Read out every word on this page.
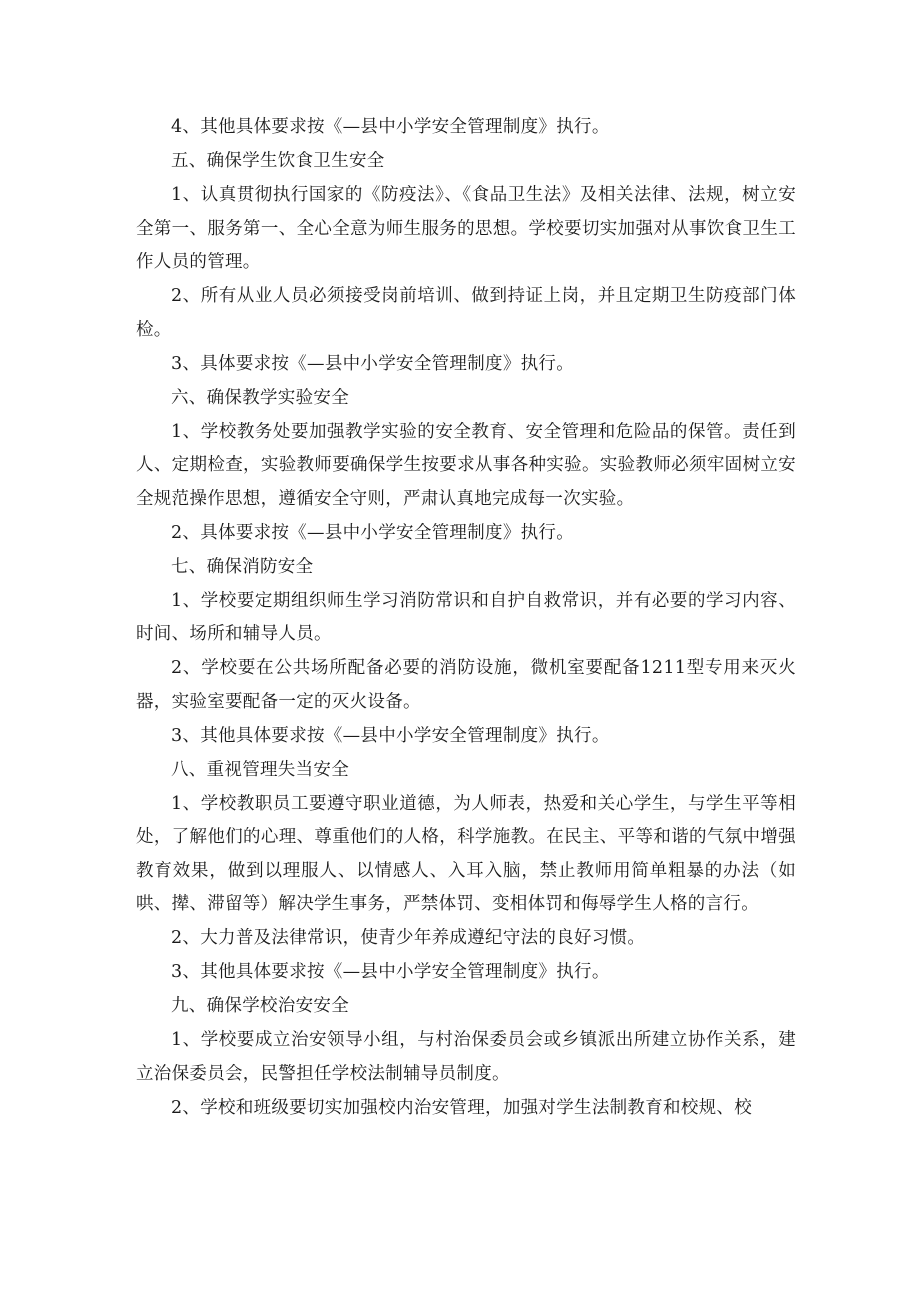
4、其他具体要求按《—县中小学安全管理制度》执行。

五、确保学生饮食卫生安全

1、认真贯彻执行国家的《防疫法》、《食品卫生法》及相关法律、法规，树立安全第一、服务第一、全心全意为师生服务的思想。学校要切实加强对从事饮食卫生工作人员的管理。

2、所有从业人员必须接受岗前培训、做到持证上岗，并且定期卫生防疫部门体检。

3、具体要求按《—县中小学安全管理制度》执行。

六、确保教学实验安全

1、学校教务处要加强教学实验的安全教育、安全管理和危险品的保管。责任到人、定期检查，实验教师要确保学生按要求从事各种实验。实验教师必须牢固树立安全规范操作思想，遵循安全守则，严肃认真地完成每一次实验。

2、具体要求按《—县中小学安全管理制度》执行。

七、确保消防安全

1、学校要定期组织师生学习消防常识和自护自救常识，并有必要的学习内容、时间、场所和辅导人员。

2、学校要在公共场所配备必要的消防设施，微机室要配备1211型专用来灭火器，实验室要配备一定的灭火设备。

3、其他具体要求按《—县中小学安全管理制度》执行。

八、重视管理失当安全

1、学校教职员工要遵守职业道德，为人师表，热爱和关心学生，与学生平等相处，了解他们的心理、尊重他们的人格，科学施教。在民主、平等和谐的气氛中增强教育效果，做到以理服人、以情感人、入耳入脑，禁止教师用简单粗暴的办法（如哄、撵、滞留等）解决学生事务，严禁体罚、变相体罚和侮辱学生人格的言行。

2、大力普及法律常识，使青少年养成遵纪守法的良好习惯。

3、其他具体要求按《—县中小学安全管理制度》执行。

九、确保学校治安安全

1、学校要成立治安领导小组，与村治保委员会或乡镇派出所建立协作关系，建立治保委员会，民警担任学校法制辅导员制度。

2、学校和班级要切实加强校内治安管理，加强对学生法制教育和校规、校
